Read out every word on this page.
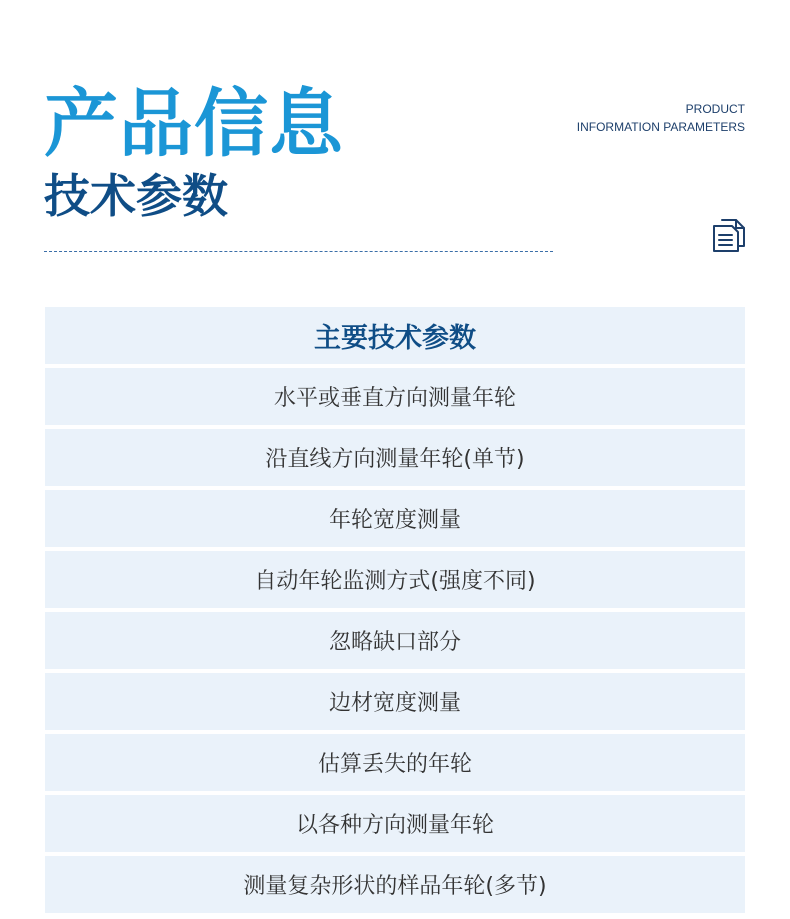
产品信息
技术参数
PRODUCT
INFORMATION PARAMETERS
主要技术参数
水平或垂直方向测量年轮
沿直线方向测量年轮(单节)
年轮宽度测量
自动年轮监测方式(强度不同)
忽略缺口部分
边材宽度测量
估算丢失的年轮
以各种方向测量年轮
测量复杂形状的样品年轮(多节)
